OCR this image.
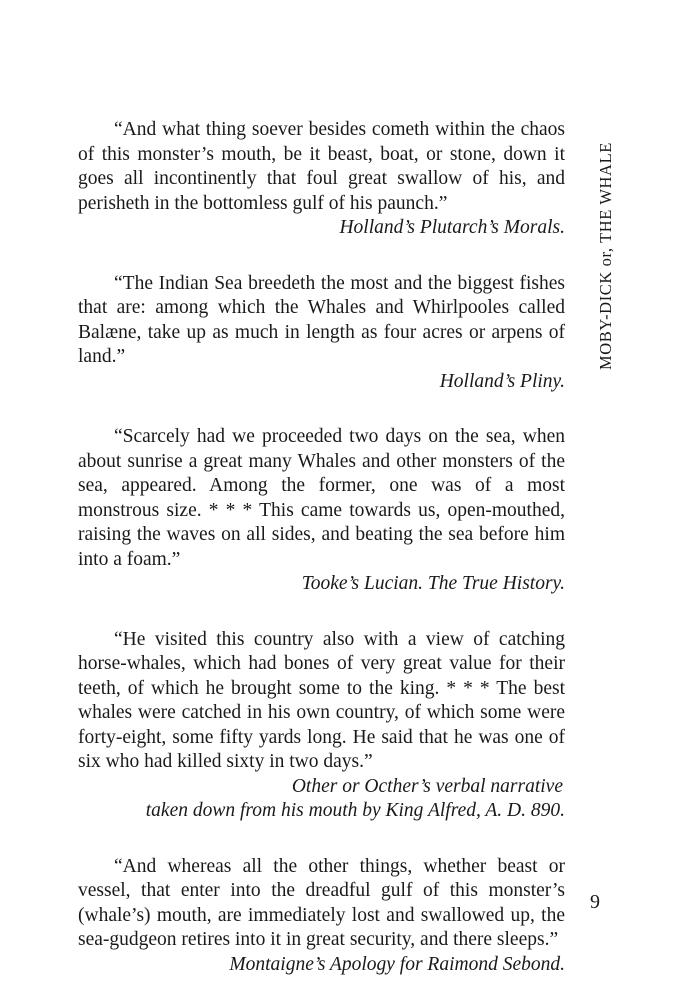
MOBY-DICK or, THE WHALE

“And what thing soever besides cometh within the chaos of this monster’s mouth, be it beast, boat, or stone, down it goes all incontinently that foul great swallow of his, and perisheth in the bottomless gulf of his paunch.”

Holland’s Plutarch’s Morals.

“The Indian Sea breedeth the most and the biggest fishes that are: among which the Whales and Whirlpooles called Balæne, take up as much in length as four acres or arpens of land.”

Holland’s Pliny.

“Scarcely had we proceeded two days on the sea, when about sunrise a great many Whales and other monsters of the sea, appeared. Among the former, one was of a most monstrous size. * * * This came towards us, open-mouthed, raising the waves on all sides, and beating the sea before him into a foam.”

Tooke’s Lucian. The True History.

“He visited this country also with a view of catching horse-whales, which had bones of very great value for their teeth, of which he brought some to the king. * * * The best whales were catched in his own country, of which some were forty-eight, some fifty yards long. He said that he was one of six who had killed sixty in two days.”

Other or Octher’s verbal narrative
taken down from his mouth by King Alfred, A. D. 890.

“And whereas all the other things, whether beast or vessel, that enter into the dreadful gulf of this monster’s (whale’s) mouth, are immediately lost and swallowed up, the sea-gudgeon retires into it in great security, and there sleeps.”

Montaigne’s Apology for Raimond Sebond.

9
